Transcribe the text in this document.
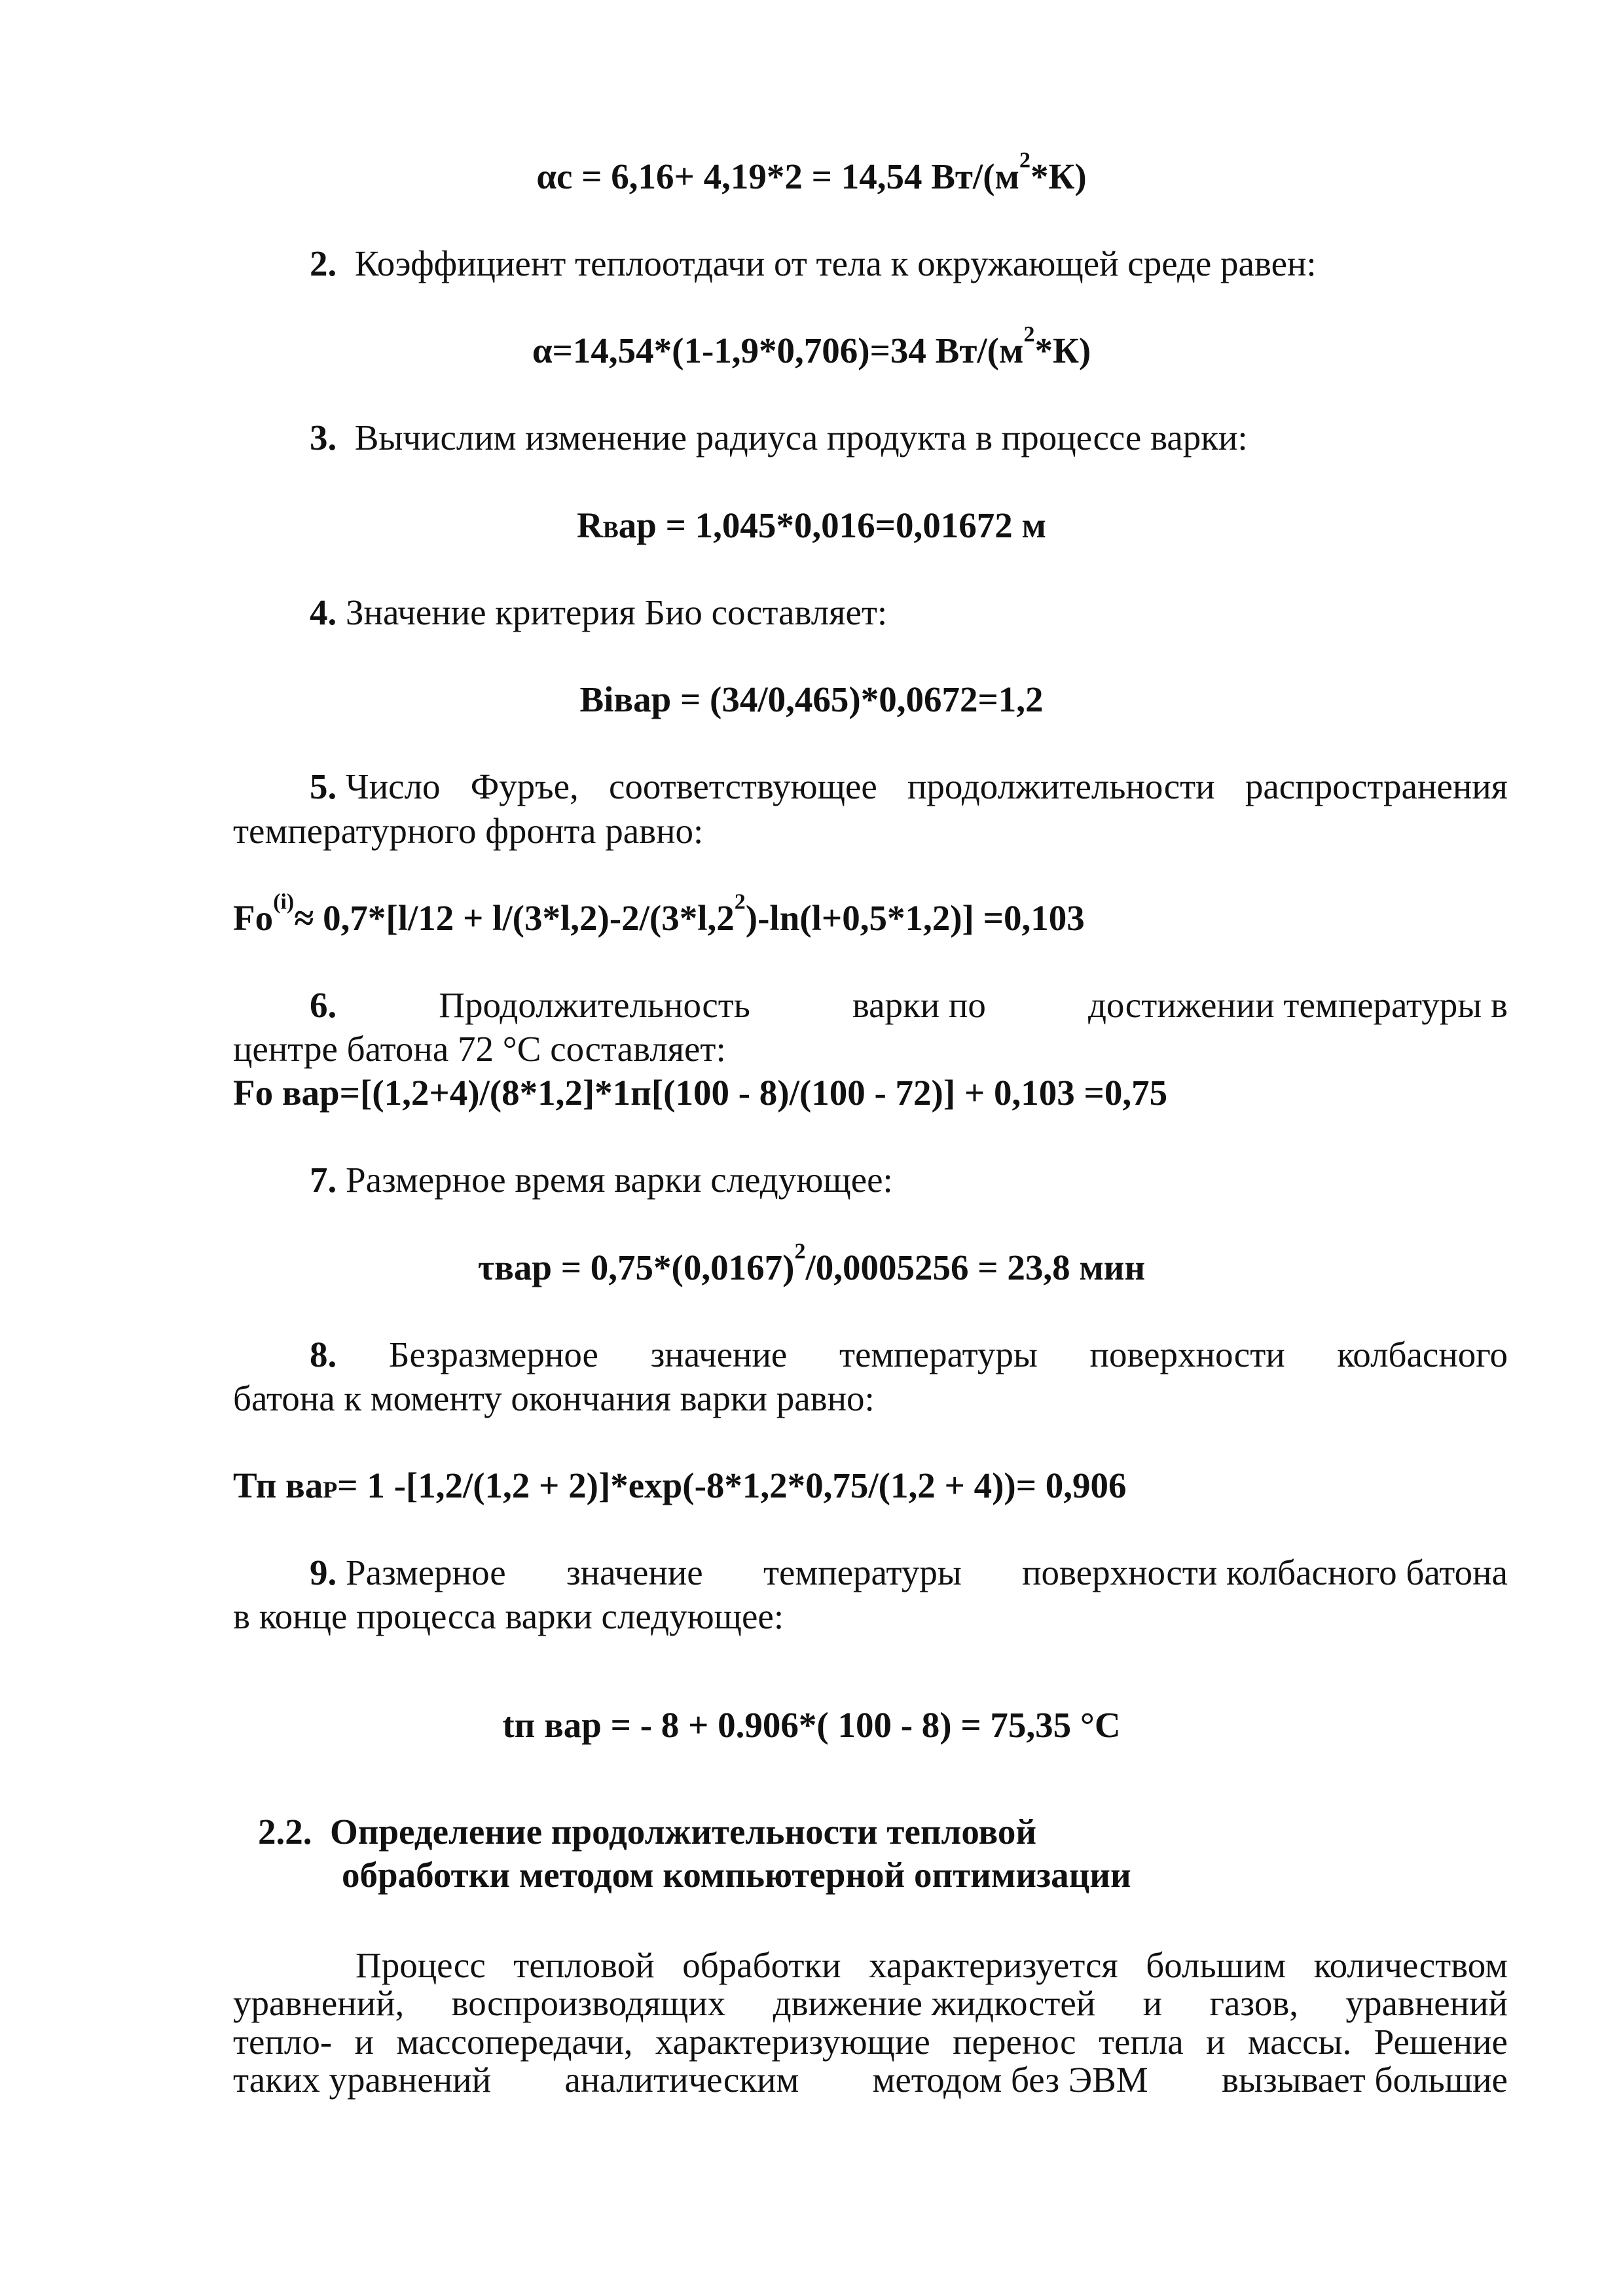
αс = 6,16+ 4,19*2 = 14,54 $Вт/(м^2*К)$
2. Коэффициент теплоотдачи от тела к окружающей среде равен:
α=14,54*(1-1,9*0,706)=34 $Вт/(м^2*К)$
3. Вычислим изменение радиуса продукта в процессе варки:
RВар = 1,045*0,016=0,01672 м
4. Значение критерия Био составляет:
Biвар = (34/0,465)*0,0672=1,2
5. Число Фуръе, соответствующее продолжительности распространения
температурного фронта равно:
$Fo^{(i)}\approx 0,7*[l/12 + l/(3*l,2)-2/(3*l,2^2)-\ln(l+0,5*1,2)] =0,103$
6.	Продолжительность	варки по	достижении температуры в
центре батона 72 °С составляет:
Fo вар=[(1,2+4)/(8*1,2]*1п[(100 - 8)/(100 - 72)] + 0,103 =0,75
7. Размерное время варки следующее:
$\tau вар = 0,75*(0,0167)^2/0,0005256 = 23,8$ мин
8. Безразмерное значение температуры поверхности колбасного
батона к моменту окончания варки равно:
Тп ваР= 1 -[1,2/(1,2 + 2)]*exp(-8*1,2*0,75/(1,2 + 4))= 0,906
9. Размерное значение температуры поверхности колбасного батона
в конце процесса варки следующее:
tп вар = - 8 + 0.906*( 100 - 8) = 75,35 °C
2.2. Определение продолжительности тепловой
обработки методом компьютерной оптимизации
Процесс тепловой обработки характеризуется большим количеством
уравнений, воспроизводящих движение жидкостей и газов, уравнений
тепло- и массопередачи, характеризующие перенос тепла и массы. Решение
таких уравнений аналитическим методом без ЭВМ вызывает большие
